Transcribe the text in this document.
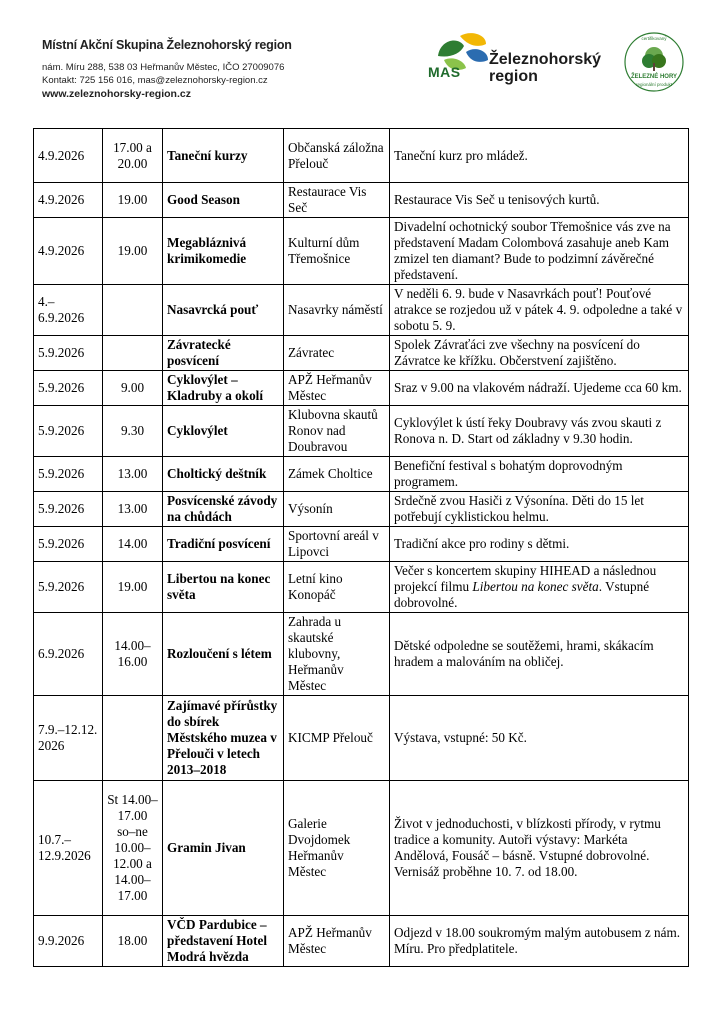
Místní Akční Skupina Železnohorský region
nám. Míru 288, 538 03 Heřmanův Městec, IČO 27009076
Kontakt: 725 156 016, mas@zeleznohorsky-region.cz
www.zeleznohorsky-region.cz
MAS
Železnohorský
region	ŽELEZNÉ HORY
certifikovaný
regionální produkt
4.9.2026	17.00 a 20.00	Taneční kurzy	Občanská záložna Přelouč	Taneční kurz pro mládež.
4.9.2026	19.00	Good Season	Restaurace Vis Seč	Restaurace Vis Seč u tenisových kurtů.
4.9.2026	19.00	Megabláznivá krimikomedie	Kulturní dům Třemošnice	Divadelní ochotnický soubor Třemošnice vás zve na představení Madam Colombová zasahuje aneb Kam zmizel ten diamant? Bude to podzimní závěrečné představení.
4.–6.9.2026		Nasavrcká pouť	Nasavrky náměstí	V neděli 6. 9. bude v Nasavrkách pouť! Pouťové atrakce se rozjedou už v pátek 4. 9. odpoledne a také v sobotu 5. 9.
5.9.2026		Závratecké posvícení	Závratec	Spolek Závraťáci zve všechny na posvícení do Závratce ke křížku. Občerstvení zajištěno.
5.9.2026	9.00	Cyklovýlet – Kladruby a okolí	APŽ Heřmanův Městec	Sraz v 9.00 na vlakovém nádraží. Ujedeme cca 60 km.
5.9.2026	9.30	Cyklovýlet	Klubovna skautů Ronov nad Doubravou	Cyklovýlet k ústí řeky Doubravy vás zvou skauti z Ronova n. D. Start od základny v 9.30 hodin.
5.9.2026	13.00	Choltický deštník	Zámek Choltice	Benefiční festival s bohatým doprovodným programem.
5.9.2026	13.00	Posvícenské závody na chůdách	Výsonín	Srdečně zvou Hasiči z Výsonína. Děti do 15 let potřebují cyklistickou helmu.
5.9.2026	14.00	Tradiční posvícení	Sportovní areál v Lipovci	Tradiční akce pro rodiny s dětmi.
5.9.2026	19.00	Libertou na konec světa	Letní kino Konopáč	Večer s koncertem skupiny HIHEAD a následnou projekcí filmu Libertou na konec světa. Vstupné dobrovolné.
6.9.2026	14.00–16.00	Rozloučení s létem	Zahrada u skautské klubovny, Heřmanův Městec	Dětské odpoledne se soutěžemi, hrami, skákacím hradem a malováním na obličej.
7.9.–12.12. 2026		Zajímavé přírůstky do sbírek Městského muzea v Přelouči v letech 2013–2018	KICMP Přelouč	Výstava, vstupné: 50 Kč.
10.7.–12.9.2026	St 14.00–17.00 so–ne 10.00–12.00 a 14.00–17.00	Gramin Jivan	Galerie Dvojdomek Heřmanův Městec	Život v jednoduchosti, v blízkosti přírody, v rytmu tradice a komunity. Autoři výstavy: Markéta Andělová, Fousáč – básně. Vstupné dobrovolné. Vernisáž proběhne 10. 7. od 18.00.
9.9.2026	18.00	VČD Pardubice – představení Hotel Modrá hvězda	APŽ Heřmanův Městec	Odjezd v 18.00 soukromým malým autobusem z nám. Míru. Pro předplatitele.
